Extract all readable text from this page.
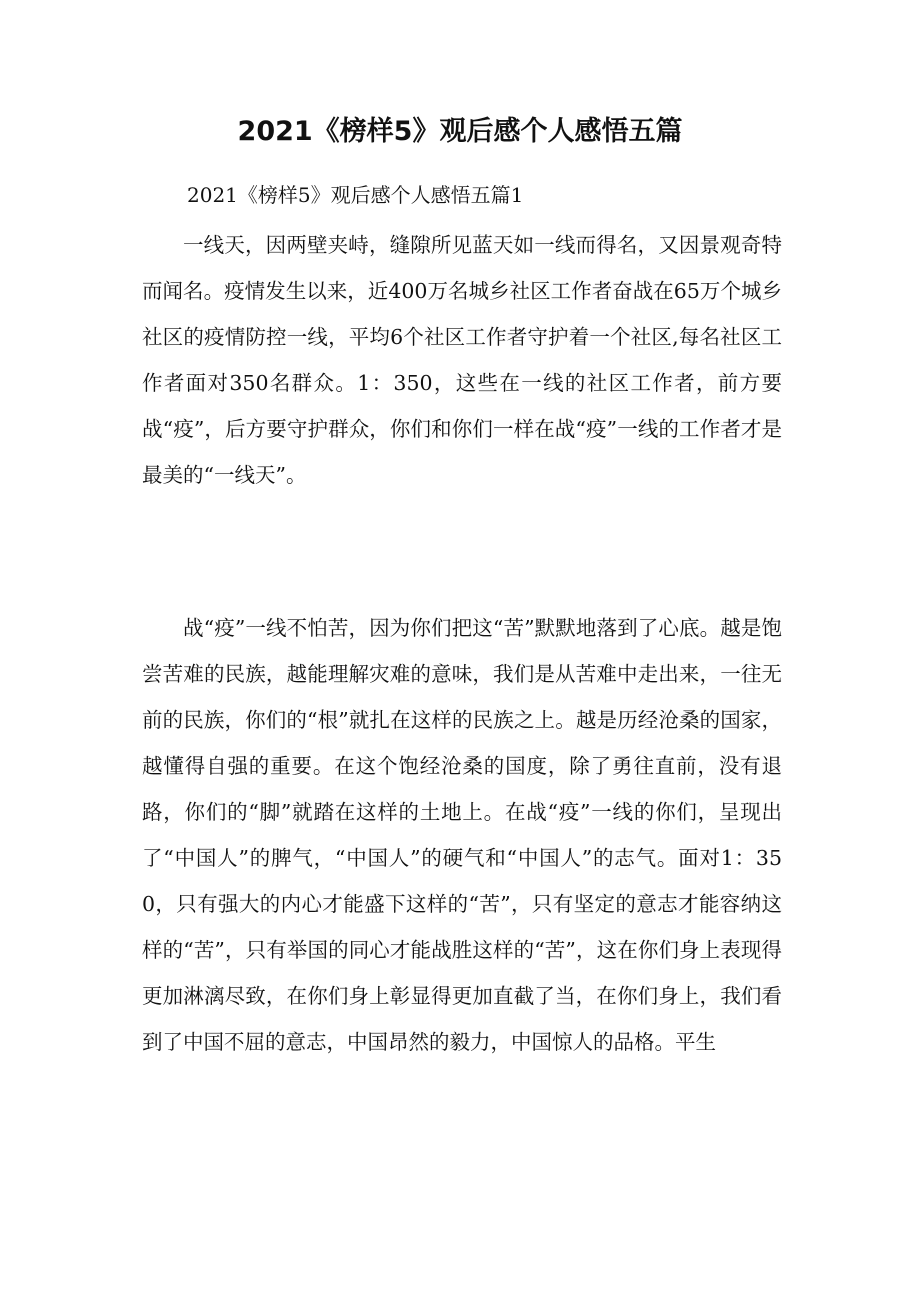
2021《榜样5》观后感个人感悟五篇

2021《榜样5》观后感个人感悟五篇1

一线天，因两壁夹峙，缝隙所见蓝天如一线而得名，又因景观奇特而闻名。疫情发生以来，近400万名城乡社区工作者奋战在65万个城乡社区的疫情防控一线，平均6个社区工作者守护着一个社区,每名社区工作者面对350名群众。1：350，这些在一线的社区工作者，前方要战“疫”，后方要守护群众，你们和你们一样在战“疫”一线的工作者才是最美的“一线天”。

战“疫”一线不怕苦，因为你们把这“苦”默默地落到了心底。越是饱尝苦难的民族，越能理解灾难的意味，我们是从苦难中走出来，一往无前的民族，你们的“根”就扎在这样的民族之上。越是历经沧桑的国家，越懂得自强的重要。在这个饱经沧桑的国度，除了勇往直前，没有退路，你们的“脚”就踏在这样的土地上。在战“疫”一线的你们，呈现出了“中国人”的脾气，“中国人”的硬气和“中国人”的志气。面对1：350，只有强大的内心才能盛下这样的“苦”，只有坚定的意志才能容纳这样的“苦”，只有举国的同心才能战胜这样的“苦”，这在你们身上表现得更加淋漓尽致，在你们身上彰显得更加直截了当，在你们身上，我们看到了中国不屈的意志，中国昂然的毅力，中国惊人的品格。平生
